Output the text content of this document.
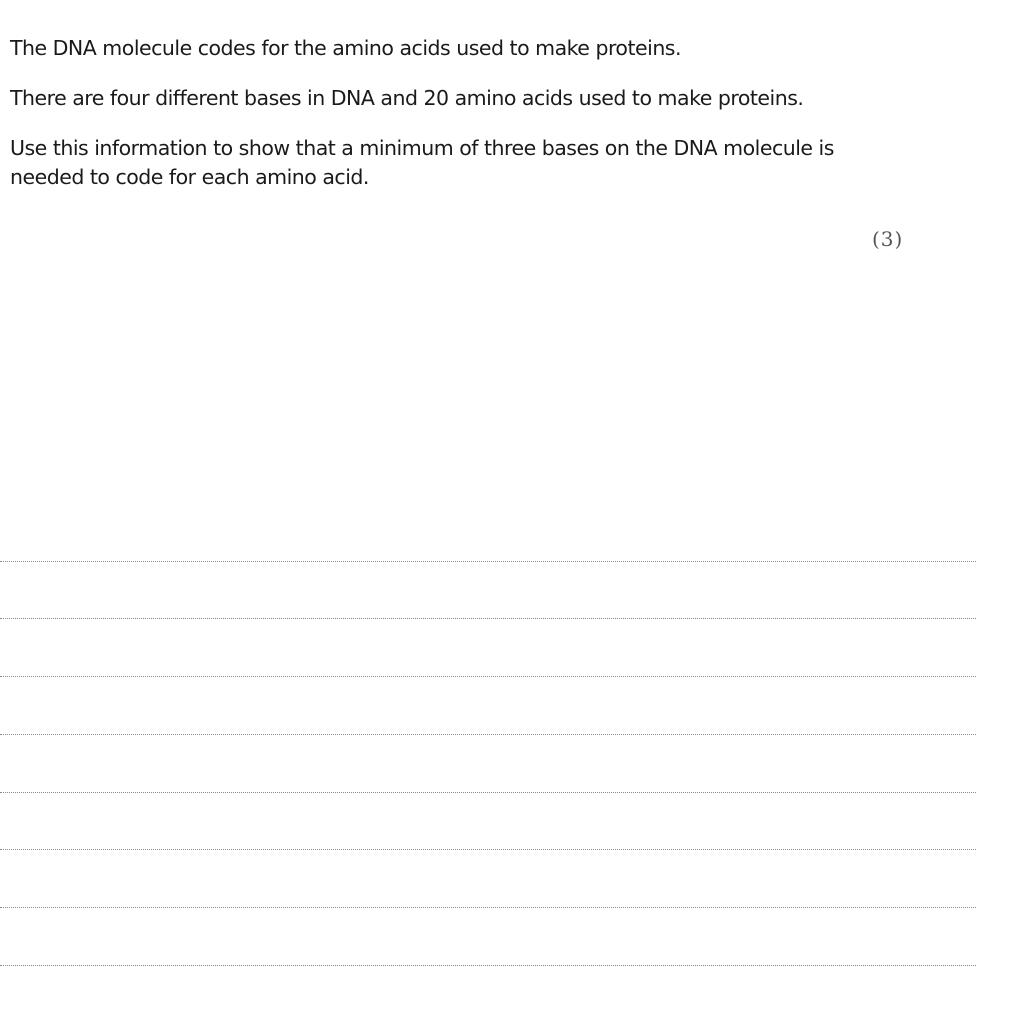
The DNA molecule codes for the amino acids used to make proteins.

There are four different bases in DNA and 20 amino acids used to make proteins.

Use this information to show that a minimum of three bases on the DNA molecule is needed to code for each amino acid.

(3)
